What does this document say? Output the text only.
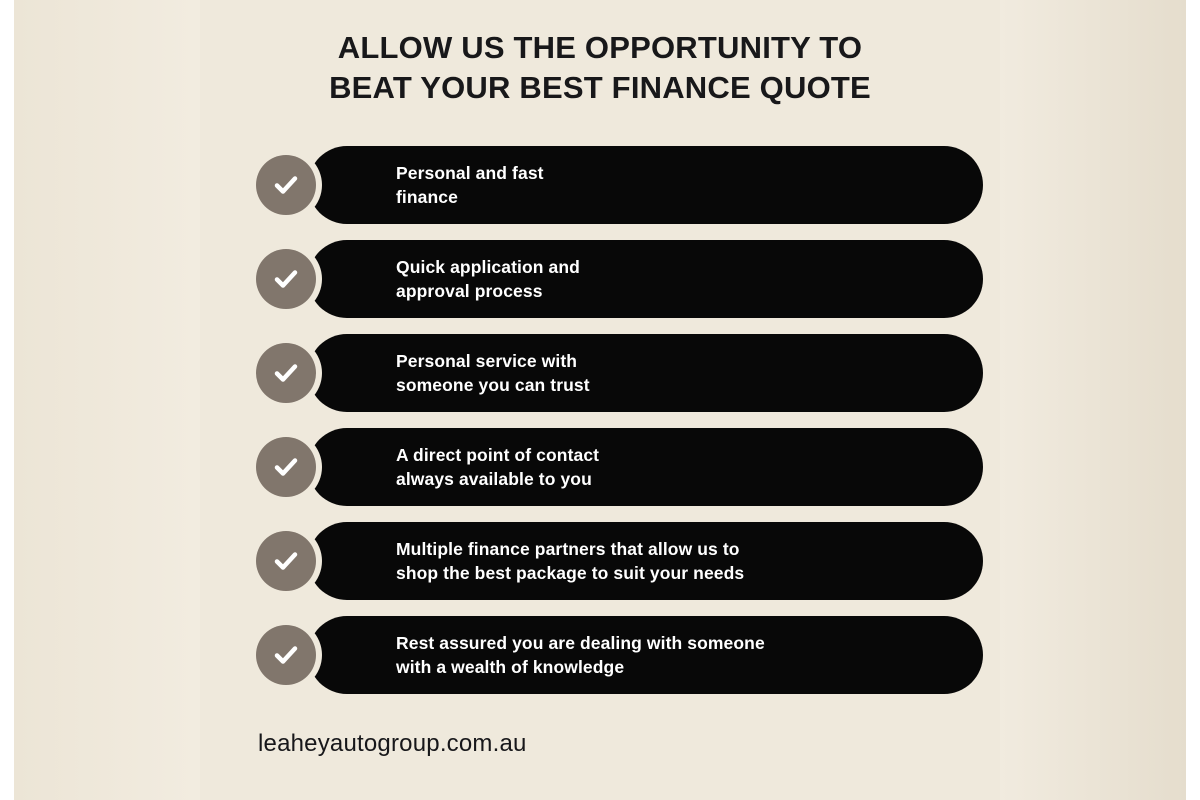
ALLOW US THE OPPORTUNITY TO
BEAT YOUR BEST FINANCE QUOTE
Personal and fast
finance
Quick application and
approval process
Personal service with
someone you can trust
A direct point of contact
always available to you
Multiple finance partners that allow us to
shop the best package to suit your needs
Rest assured you are dealing with someone
with a wealth of knowledge
leaheyautogroup.com.au
